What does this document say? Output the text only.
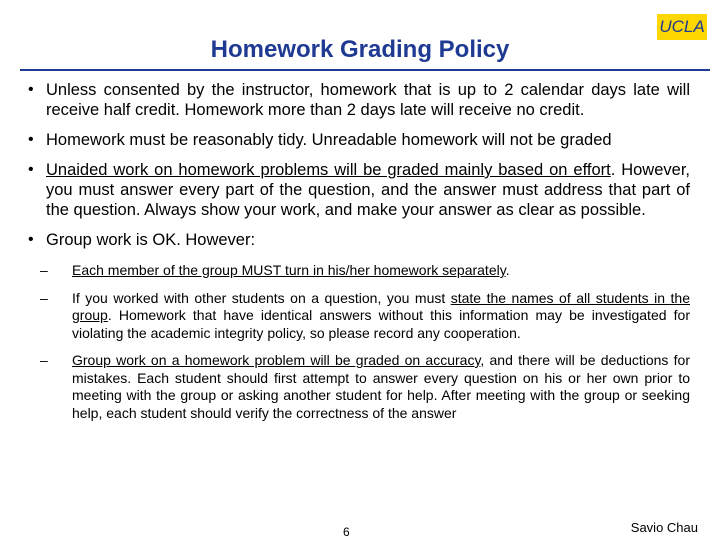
UCLA
Homework Grading Policy
• Unless consented by the instructor, homework that is up to 2 calendar days late will receive half credit. Homework more than 2 days late will receive no credit.
• Homework must be reasonably tidy. Unreadable homework will not be graded
• Unaided work on homework problems will be graded mainly based on effort. However, you must answer every part of the question, and the answer must address that part of the question. Always show your work, and make your answer as clear as possible.
• Group work is OK. However:
– Each member of the group MUST turn in his/her homework separately.
– If you worked with other students on a question, you must state the names of all students in the group. Homework that have identical answers without this information may be investigated for violating the academic integrity policy, so please record any cooperation.
– Group work on a homework problem will be graded on accuracy, and there will be deductions for mistakes. Each student should first attempt to answer every question on his or her own prior to meeting with the group or asking another student for help. After meeting with the group or seeking help, each student should verify the correctness of the answer
6	Savio Chau
